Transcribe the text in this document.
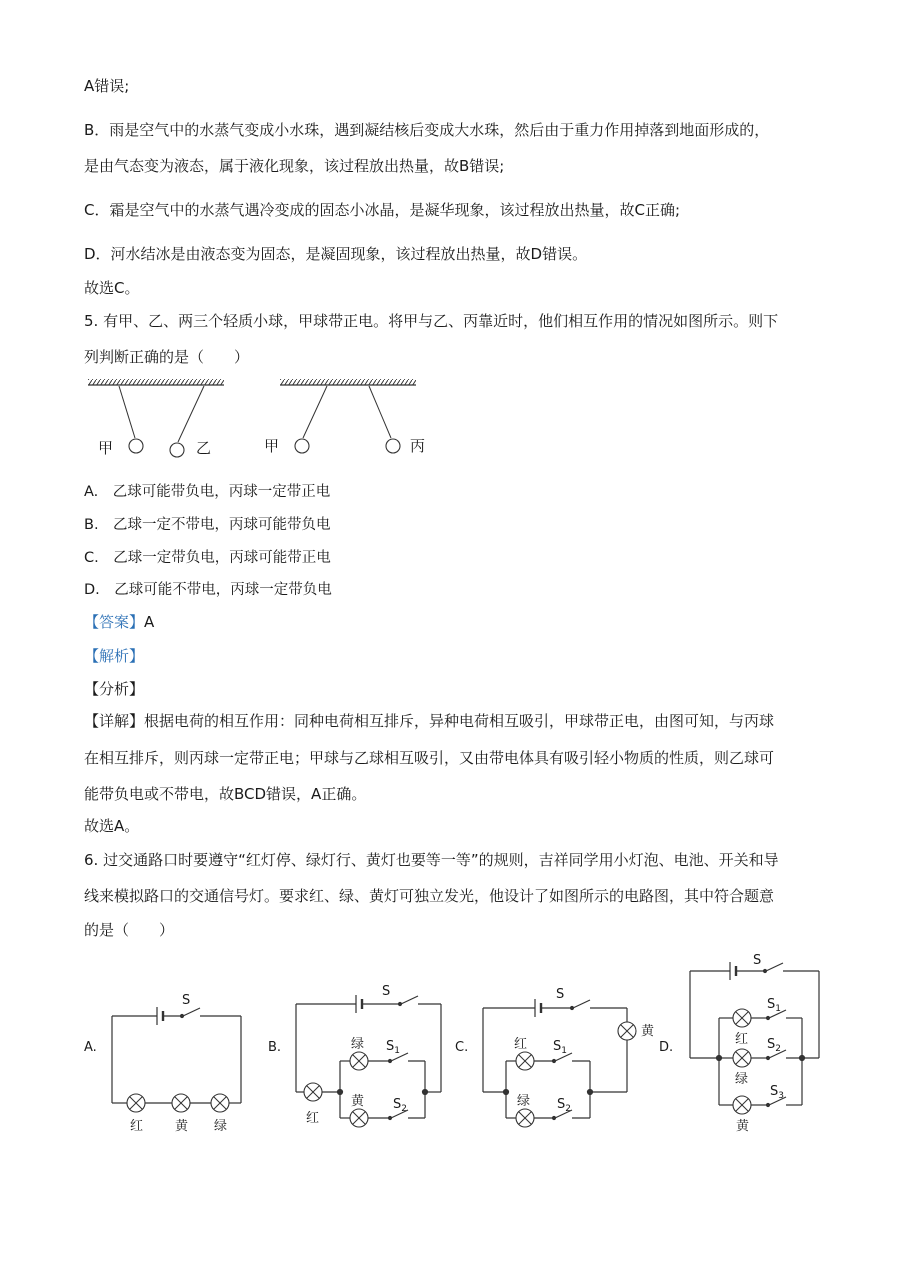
A错误;
B．雨是空气中的水蒸气变成小水珠，遇到凝结核后变成大水珠，然后由于重力作用掉落到地面形成的，
是由气态变为液态，属于液化现象，该过程放出热量，故B错误;
C．霜是空气中的水蒸气遇冷变成的固态小冰晶，是凝华现象，该过程放出热量，故C正确;
D．河水结冰是由液态变为固态，是凝固现象，该过程放出热量，故D错误。
故选C。
5. 有甲、乙、两三个轻质小球，甲球带正电。将甲与乙、丙靠近时，他们相互作用的情况如图所示。则下
列判断正确的是（　　）
甲	乙	甲	丙
A.　乙球可能带负电，丙球一定带正电
B.　乙球一定不带电，丙球可能带负电
C.　乙球一定带负电，丙球可能带正电
D.　乙球可能不带电，丙球一定带负电
【答案】A
【解析】
【分析】
【详解】根据电荷的相互作用：同种电荷相互排斥，异种电荷相互吸引，甲球带正电，由图可知，与丙球
在相互排斥，则丙球一定带正电；甲球与乙球相互吸引，又由带电体具有吸引轻小物质的性质，则乙球可
能带负电或不带电，故BCD错误，A正确。
故选A。
6. 过交通路口时要遵守“红灯停、绿灯行、黄灯也要等一等”的规则，吉祥同学用小灯泡、电池、开关和导
线来模拟路口的交通信号灯。要求红、绿、黄灯可独立发光，他设计了如图所示的电路图，其中符合题意
的是（　　）
A.
S
红 黄 绿
B.
S
红
绿
黄
$S_1$
$S_2$
C.
S
黄
红
绿
$S_1$
$S_2$
D.
S
红
绿
黄
$S_1$
$S_2$
$S_3$
